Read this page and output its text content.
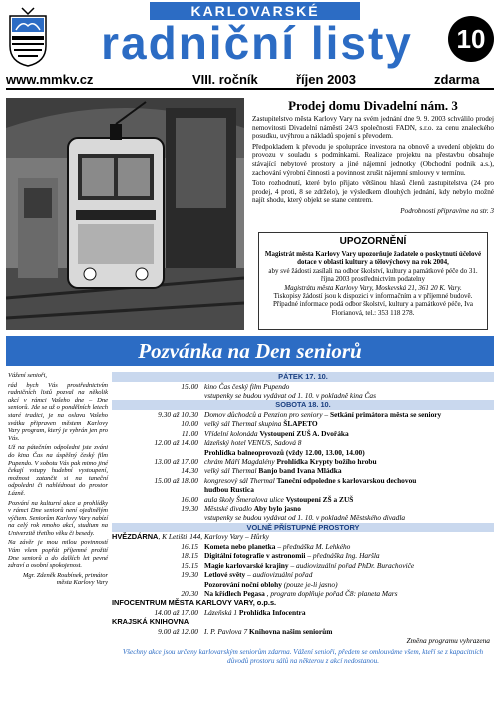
KARLOVARSKÉ
radniční listy	10
www.mmkv.cz	VIII. ročník	říjen 2003	zdarma
Prodej domu Divadelní nám. 3

Zastupitelstvo města Karlovy Vary na svém jednání dne 9. 9. 2003 schválilo prodej nemovitosti Divadelní náměstí 24/3 společnosti FADN, s.r.o. za cenu znaleckého posudku, uvýhrou a nákladů spojení s převodem.

Předpokladem k převodu je spolupráce investora na obnově a uvedení objektu do provozu v souladu s podmínkami. Realizace projektu na přestavbu obsahuje stávající nebytové prostory a jiné nájemní jednotky (Obchodní podnik a.s.), zachování výrobní činnosti a povinnost zrušit nájemní smlouvy v termínu.

Toto rozhodnutí, které bylo přijato většinou hlasů členů zastupitelstva (24 pro prodej, 4 proti, 8 se zdrželo), je výsledkem dlouhých jednání, kdy nebylo možné najít shodu, který objekt se stane centrem.

Podrobnosti připravíme na str. 3

UPOZORNĚNÍ

Magistrát města Karlovy Vary upozorňuje žadatele o poskytnutí účelové dotace v oblasti kultury a tělovýchovy na rok 2004,

aby své žádosti zasílali na odbor školství, kultury a památkové péče do 31. října 2003 prostřednictvím podatelny

Magistrátu města Karlovy Vary, Moskevská 21, 361 20 K. Vary.

Tiskopisy žádostí jsou k dispozici v informačním a v příjemné budově. Případné informace podá odbor školství, kultury a památkové péče, Iva Florianová, tel.: 353 118 278.

Pozvánka na Den seniorů

Vážení senioři,

rád bych Vás prostřednictvím radničních listů pozval na několik akcí v rámci Vašeho dne – Dne seniorů. Jde se už o pondělních letech staré tradici, je na oslavu Vašeho svátku připraven městem Karlovy Vary program, který je vybrán jen pro Vás.

Už na pátečním odpoledni jste zváni do kina Čas na úspěšný český film Pupendo. V sobotu Vás pak mimo jiné čekají vstupy hudební vystoupení, možnost zatančit si na taneční odpoledni či nahlédnout do prostor Lázně.

Pozvání na kulturní akce a prohlídky v rámci Dne seniorů není ojedinělým výčtem. Seniorům Karlovy Vary nabízí na celý rok mnoho akcí, studium na Univerzitě třetího věku či besedy.

Na závěr je mou milou povinností Vám všem popřát příjemné prožití Dne seniorů a do dalších let pevné zdraví a osobní spokojenost.

Mgr. Zdeněk Roubínek, primátor města Karlovy Vary

PÁTEK 17. 10.
15.00 kino Čas český film Pupendo
vstupenky se budou vydávat od 1. 10. v pokladně kina Čas
SOBOTA 18. 10.
9.30 až 10.30 Domov důchodců a Penzion pro seniory – Setkání primátora města se seniory
10.00 velký sál Thermal skupina ŠLAPETO
11.00 Vřídelní kolonáda Vystoupení ZUŠ A. Dvořáka
12.00 až 14.00 lázeňský hotel VENUS, Sadová 8
Prohlídka balneoprovozů (vždy 12.00, 13.00, 14.00)
13.00 až 17.00 chrám Máří Magdalény Prohlídka Krypty božího hrobu
14.30 velký sál Thermal Banjo band Ivana Mládka
15.00 až 18.00 kongresový sál Thermal Taneční odpoledne s karlovarskou dechovou
hudbou Rustica
16.00 aula školy Šmeralova ulice Vystoupení ZŠ a ZUŠ
19.30 Městské divadlo Aby bylo jasno
vstupenky se budou vydávat od 1. 10. v pokladně Městského divadla
VOLNĚ PŘÍSTUPNÉ PROSTORY
HVĚZDÁRNA, K Letišti 144, Karlovy Vary – Hůrky
16.15 Kometa nebo planetka – přednáška M. Lehkého
18.15 Digitální fotografie v astronomii – přednáška Ing. Haršla
15.15 Magie karlovarské krajiny – audiovizuální pořad PhDr. Burachoviče
19.30 Letlové světy – audiovizuální pořad
Pozorování noční oblohy (pouze je-li jasno)
20.30 Na křídlech Pegasa , program doplňuje pořad Č8: planeta Mars
INFOCENTRUM MĚSTA KARLOVY VARY, o.p.s.
14.00 až 17.00 Lázeňská 1 Prohlídka Infocentra
KRAJSKÁ KNIHOVNA
9.00 až 12.00 I. P. Pavlova 7 Knihovna našim seniorům
Změna programu vyhrazena
Všechny akce jsou určeny karlovarským seniorům zdarma. Vážení senioři, předem se omlouváme všem, kteří se z kapacitních důvodů prostoru sálů na některou z akcí nedostanou.
